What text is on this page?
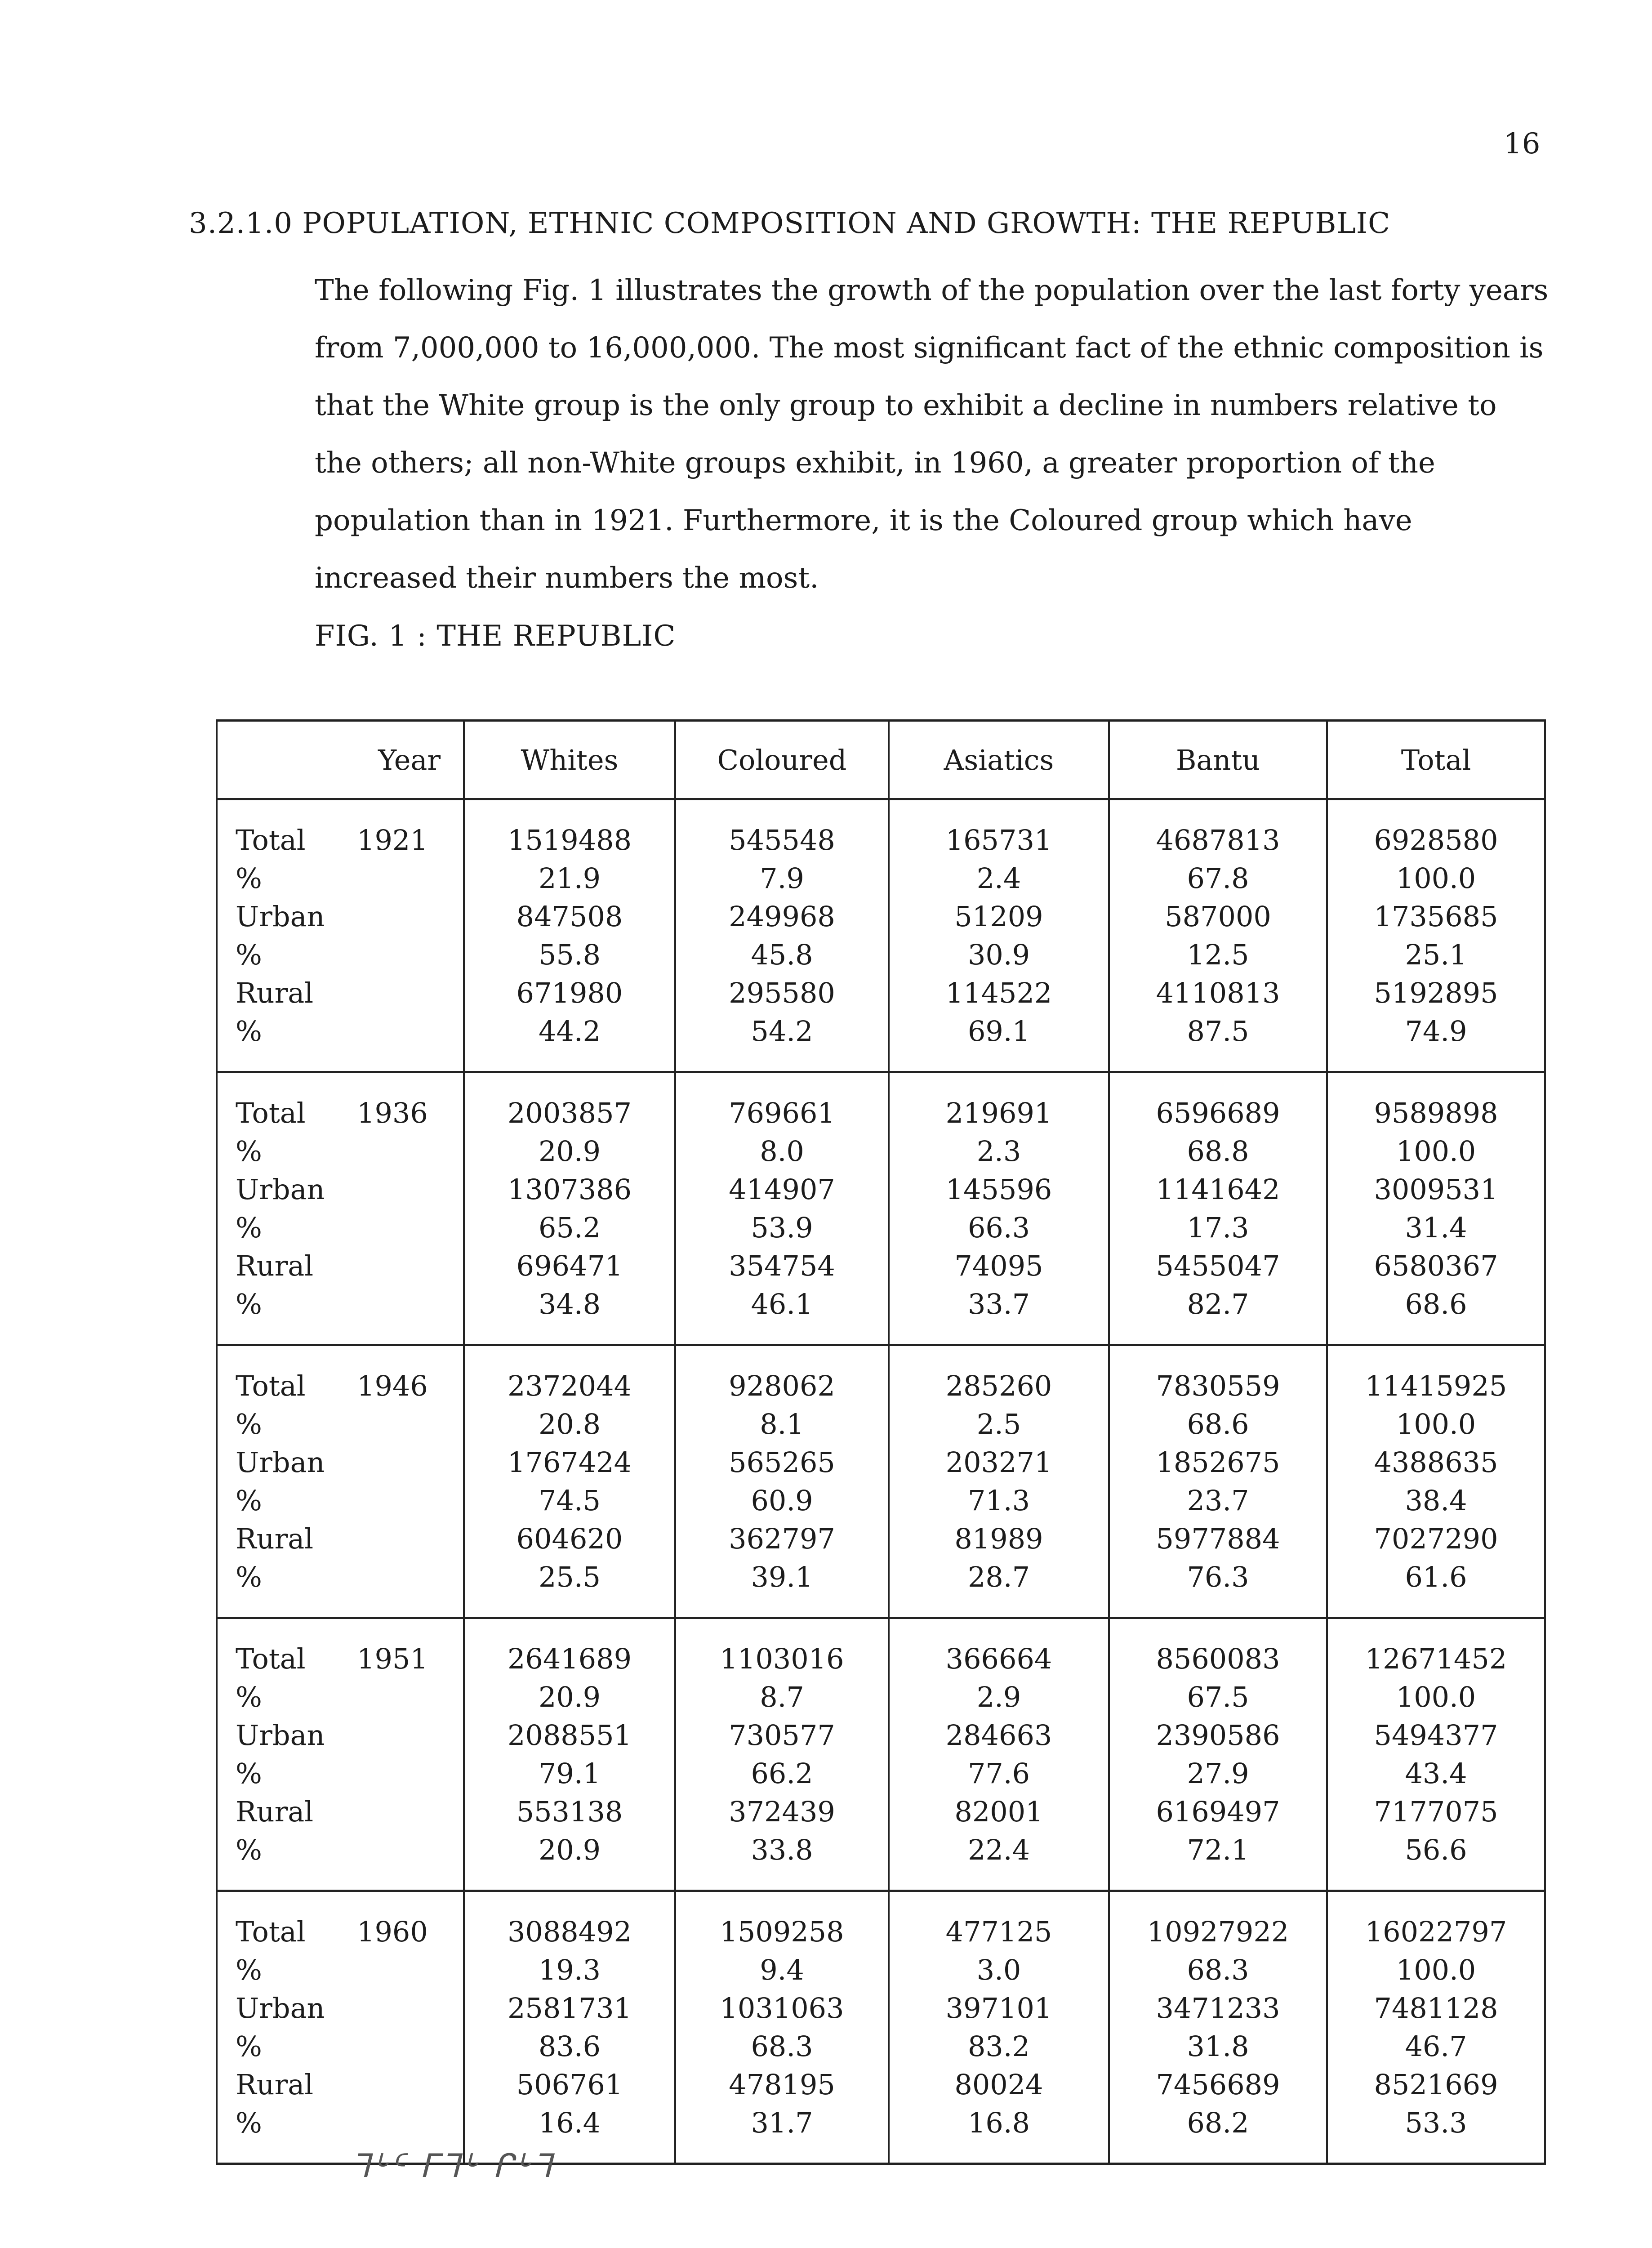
16
3.2.1.0 POPULATION, ETHNIC COMPOSITION AND GROWTH: THE REPUBLIC
The following Fig. 1 illustrates the growth of the population over the last forty years from 7,000,000 to 16,000,000. The most significant fact of the ethnic composition is that the White group is the only group to exhibit a decline in numbers relative to the others; all non-White groups exhibit, in 1960, a greater proportion of the population than in 1921. Furthermore, it is the Coloured group which have increased their numbers the most.
FIG. 1 : THE REPUBLIC
Year	Whites	Coloured	Asiatics	Bantu	Total
Total 1921	1519488	545548	165731	4687813	6928580
%	21.9	7.9	2.4	67.8	100.0
Urban	847508	249968	51209	587000	1735685
%	55.8	45.8	30.9	12.5	25.1
Rural	671980	295580	114522	4110813	5192895
%	44.2	54.2	69.1	87.5	74.9
Total 1936	2003857	769661	219691	6596689	9589898
%	20.9	8.0	2.3	68.8	100.0
Urban	1307386	414907	145596	1141642	3009531
%	65.2	53.9	66.3	17.3	31.4
Rural	696471	354754	74095	5455047	6580367
%	34.8	46.1	33.7	82.7	68.6
Total 1946	2372044	928062	285260	7830559	11415925
%	20.8	8.1	2.5	68.6	100.0
Urban	1767424	565265	203271	1852675	4388635
%	74.5	60.9	71.3	23.7	38.4
Rural	604620	362797	81989	5977884	7027290
%	25.5	39.1	28.7	76.3	61.6
Total 1951	2641689	1103016	366664	8560083	12671452
%	20.9	8.7	2.9	67.5	100.0
Urban	2088551	730577	284663	2390586	5494377
%	79.1	66.2	77.6	27.9	43.4
Rural	553138	372439	82001	6169497	7177075
%	20.9	33.8	22.4	72.1	56.6
Total 1960	3088492	1509258	477125	10927922	16022797
%	19.3	9.4	3.0	68.3	100.0
Urban	2581731	1031063	397101	3471233	7481128
%	83.6	68.3	83.2	31.8	46.7
Rural	506761	478195	80024	7456689	8521669
%	16.4	31.7	16.8	68.2	53.3
ᒣᒡᑦ ᒥᒣᒡ ᒋᒡᒣ
